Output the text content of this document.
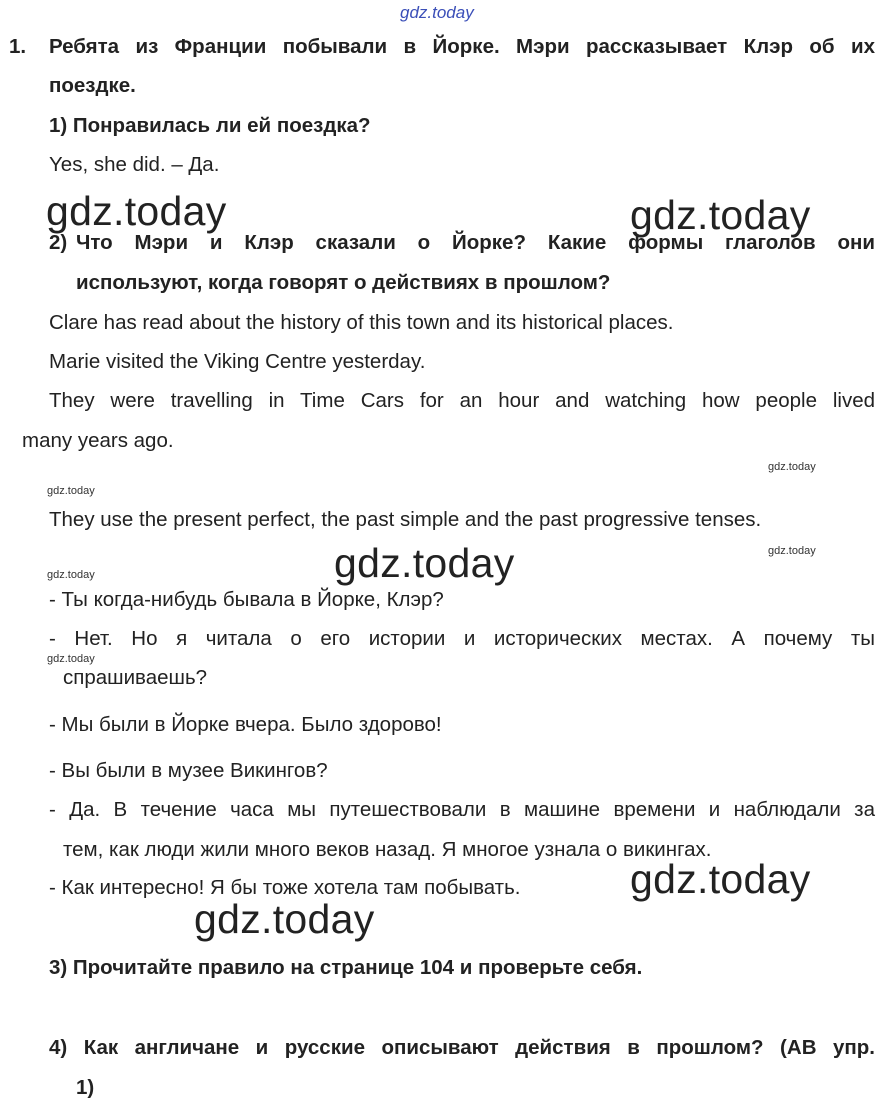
gdz.today
1. Ребята из Франции побывали в Йорке. Мэри рассказывает Клэр об их
поездке.
1) Понравилась ли ей поездка?
Yes, she did. – Да.
2) Что Мэри и Клэр сказали о Йорке? Какие формы глаголов они
используют, когда говорят о действиях в прошлом?
Clare has read about the history of this town and its historical places.
Marie visited the Viking Centre yesterday.
They were travelling in Time Cars for an hour and watching how people lived
many years ago.
They use the present perfect, the past simple and the past progressive tenses.
- Ты когда-нибудь бывала в Йорке, Клэр?
- Нет. Но я читала о его истории и исторических местах. А почему ты
спрашиваешь?
- Мы были в Йорке вчера. Было здорово!
- Вы были в музее Викингов?
- Да. В течение часа мы путешествовали в машине времени и наблюдали за
тем, как люди жили много веков назад. Я многое узнала о викингах.
- Как интересно! Я бы тоже хотела там побывать.
3) Прочитайте правило на странице 104 и проверьте себя.
4) Как англичане и русские описывают действия в прошлом? (АВ упр.
1)
gdz.today	gdz.today
gdz.today
gdz.today
gdz.today
gdz.today
gdz.today
gdz.today
gdz.today
gdz.today
